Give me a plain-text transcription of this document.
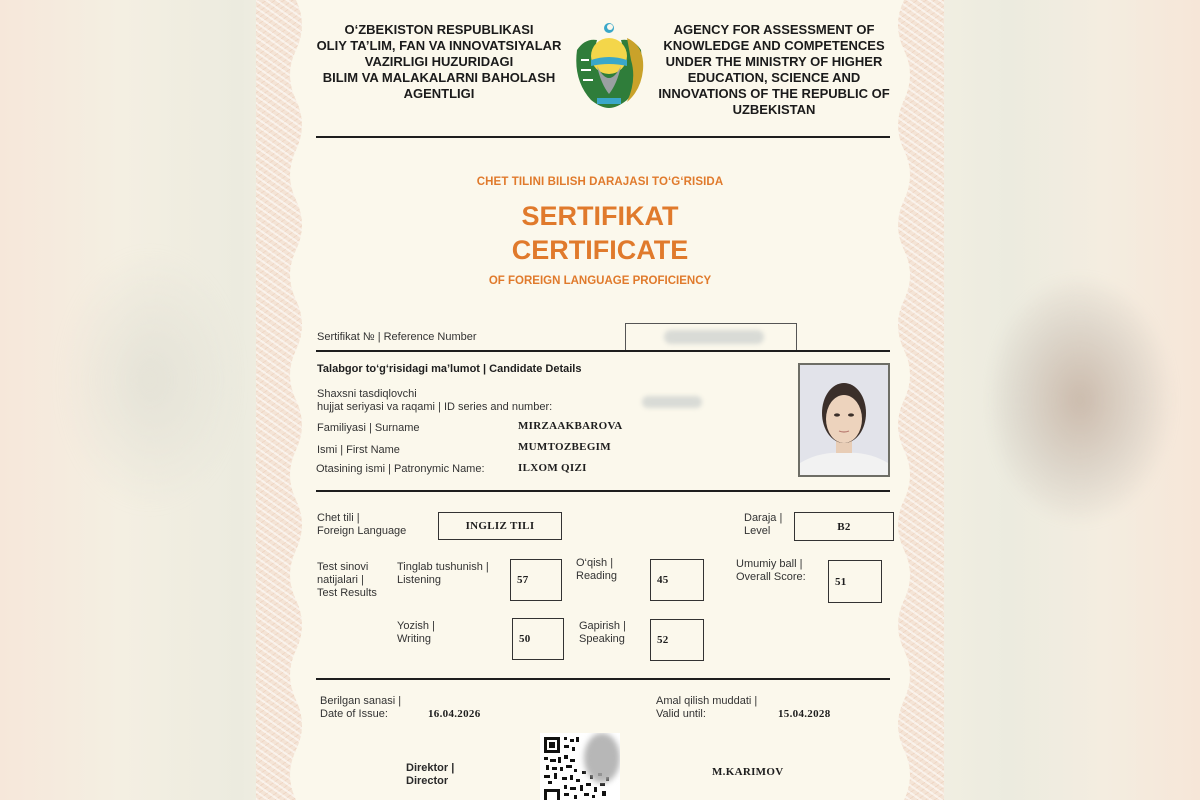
O‘ZBEKISTON RESPUBLIKASI
OLIY TA’LIM, FAN VA INNOVATSIYALAR
VAZIRLIGI HUZURIDAGI
BILIM VA MALAKALARNI BAHOLASH
AGENTLIGI
AGENCY FOR ASSESSMENT OF
KNOWLEDGE AND COMPETENCES
UNDER THE MINISTRY OF HIGHER
EDUCATION, SCIENCE AND
INNOVATIONS OF THE REPUBLIC OF
UZBEKISTAN
CHET TILINI BILISH DARAJASI TO‘G‘RISIDA
SERTIFIKAT
CERTIFICATE
OF FOREIGN LANGUAGE PROFICIENCY
Sertifikat № | Reference Number
Talabgor to‘g‘risidagi ma’lumot | Candidate Details
Shaxsni tasdiqlovchi
hujjat seriyasi va raqami | ID series and number:
Familiyasi | Surname	MIRZAAKBAROVA
Ismi | First Name	MUMTOZBEGIM
Otasining ismi | Patronymic Name:	ILXOM QIZI
Chet tili |
Foreign Language	INGLIZ TILI
Daraja |
Level	B2
Test sinovi
natijalari |
Test Results
Tinglab tushunish |
Listening	57
O‘qish |
Reading	45
Umumiy ball |
Overall Score:	51
Yozish |
Writing	50
Gapirish |
Speaking	52
Berilgan sanasi |
Date of Issue:	16.04.2026
Amal qilish muddati |
Valid until:	15.04.2028
Direktor |
Director
M.KARIMOV
